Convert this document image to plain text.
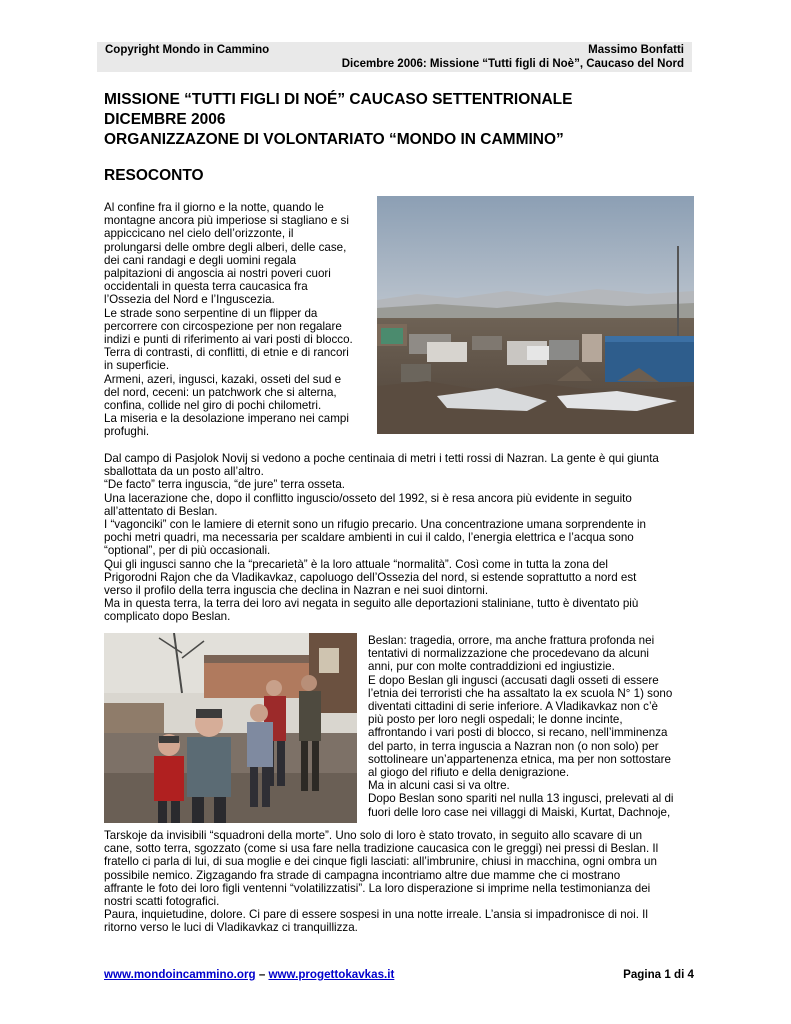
Copyright Mondo in Cammino	Massimo Bonfatti
Dicembre 2006: Missione “Tutti figli di Noè”, Caucaso del Nord
MISSIONE “TUTTI FIGLI DI NOÉ” CAUCASO SETTENTRIONALE
DICEMBRE 2006
ORGANIZZAZONE DI VOLONTARIATO “MONDO IN CAMMINO”
RESOCONTO
Al confine fra il giorno e la notte, quando le
montagne ancora più imperiose si stagliano e si
appiccicano nel cielo dell’orizzonte, il
prolungarsi delle ombre degli alberi, delle case,
dei cani randagi e degli uomini regala
palpitazioni di angoscia ai nostri poveri cuori
occidentali in questa terra caucasica fra
l’Ossezia del Nord e l’Inguscezia.
Le strade sono serpentine di un flipper da
percorrere con circospezione per non regalare
indizi e punti di riferimento ai vari posti di blocco.
Terra di contrasti, di conflitti, di etnie e di rancori
in superficie.
Armeni, azeri, ingusci, kazaki, osseti del sud e
del nord, ceceni: un patchwork che si alterna,
confina, collide nel giro di pochi chilometri.
La miseria e la desolazione imperano nei campi
profughi.
Dal campo di Pasjolok Novij si vedono a poche centinaia di metri i tetti rossi di Nazran. La gente è qui giunta
sballottata da un posto all’altro.
“De facto” terra inguscia, “de jure” terra osseta.
Una lacerazione che, dopo il conflitto inguscio/osseto del 1992, si è resa ancora più evidente in seguito
all’attentato di Beslan.
I “vagonciki” con le lamiere di eternit sono un rifugio precario. Una concentrazione umana sorprendente in
pochi metri quadri, ma necessaria per scaldare ambienti in cui il caldo, l’energia elettrica e l’acqua sono
“optional”, per di più occasionali.
Qui gli ingusci sanno che la “precarietà” è la loro attuale “normalità”. Così come in tutta la zona del
Prigorodni Rajon che da Vladikavkaz, capoluogo dell’Ossezia del nord, si estende soprattutto a nord est
verso il profilo della terra inguscia che declina in Nazran e nei suoi dintorni.
Ma in questa terra, la terra dei loro avi negata in seguito alle deportazioni staliniane, tutto è diventato più
complicato dopo Beslan.
Beslan: tragedia, orrore, ma anche frattura profonda nei
tentativi di normalizzazione che procedevano da alcuni
anni, pur con molte contraddizioni ed ingiustizie.
E dopo Beslan gli ingusci (accusati dagli osseti di essere
l’etnia dei terroristi che ha assaltato la ex scuola N° 1) sono
diventati cittadini di serie inferiore. A Vladikavkaz non c’è
più posto per loro negli ospedali; le donne incinte,
affrontando i vari posti di blocco, si recano, nell’imminenza
del parto, in terra inguscia a Nazran non (o non solo) per
sottolineare un’appartenenza etnica, ma per non sottostare
al giogo del rifiuto e della denigrazione.
Ma in alcuni casi si va oltre.
Dopo Beslan sono spariti nel nulla 13 ingusci, prelevati al di
fuori delle loro case nei villaggi di Maiski, Kurtat, Dachnoje,
Tarskoje da invisibili “squadroni della morte”. Uno solo di loro è stato trovato, in seguito allo scavare di un
cane, sotto terra, sgozzato (come si usa fare nella tradizione caucasica con le greggi) nei pressi di Beslan. Il
fratello ci parla di lui, di sua moglie e dei cinque figli lasciati: all’imbrunire, chiusi in macchina, ogni ombra un
possibile nemico. Zigzagando fra strade di campagna incontriamo altre due mamme che ci mostrano
affrante le foto dei loro figli ventenni “volatilizzatisi”. La loro disperazione si imprime nella testimonianza dei
nostri scatti fotografici.
Paura, inquietudine, dolore. Ci pare di essere sospesi in una notte irreale. L’ansia si impadronisce di noi. Il
ritorno verso le luci di Vladikavkaz ci tranquillizza.
www.mondoincammino.org – www.progettokavkas.it	Pagina 1 di 4
